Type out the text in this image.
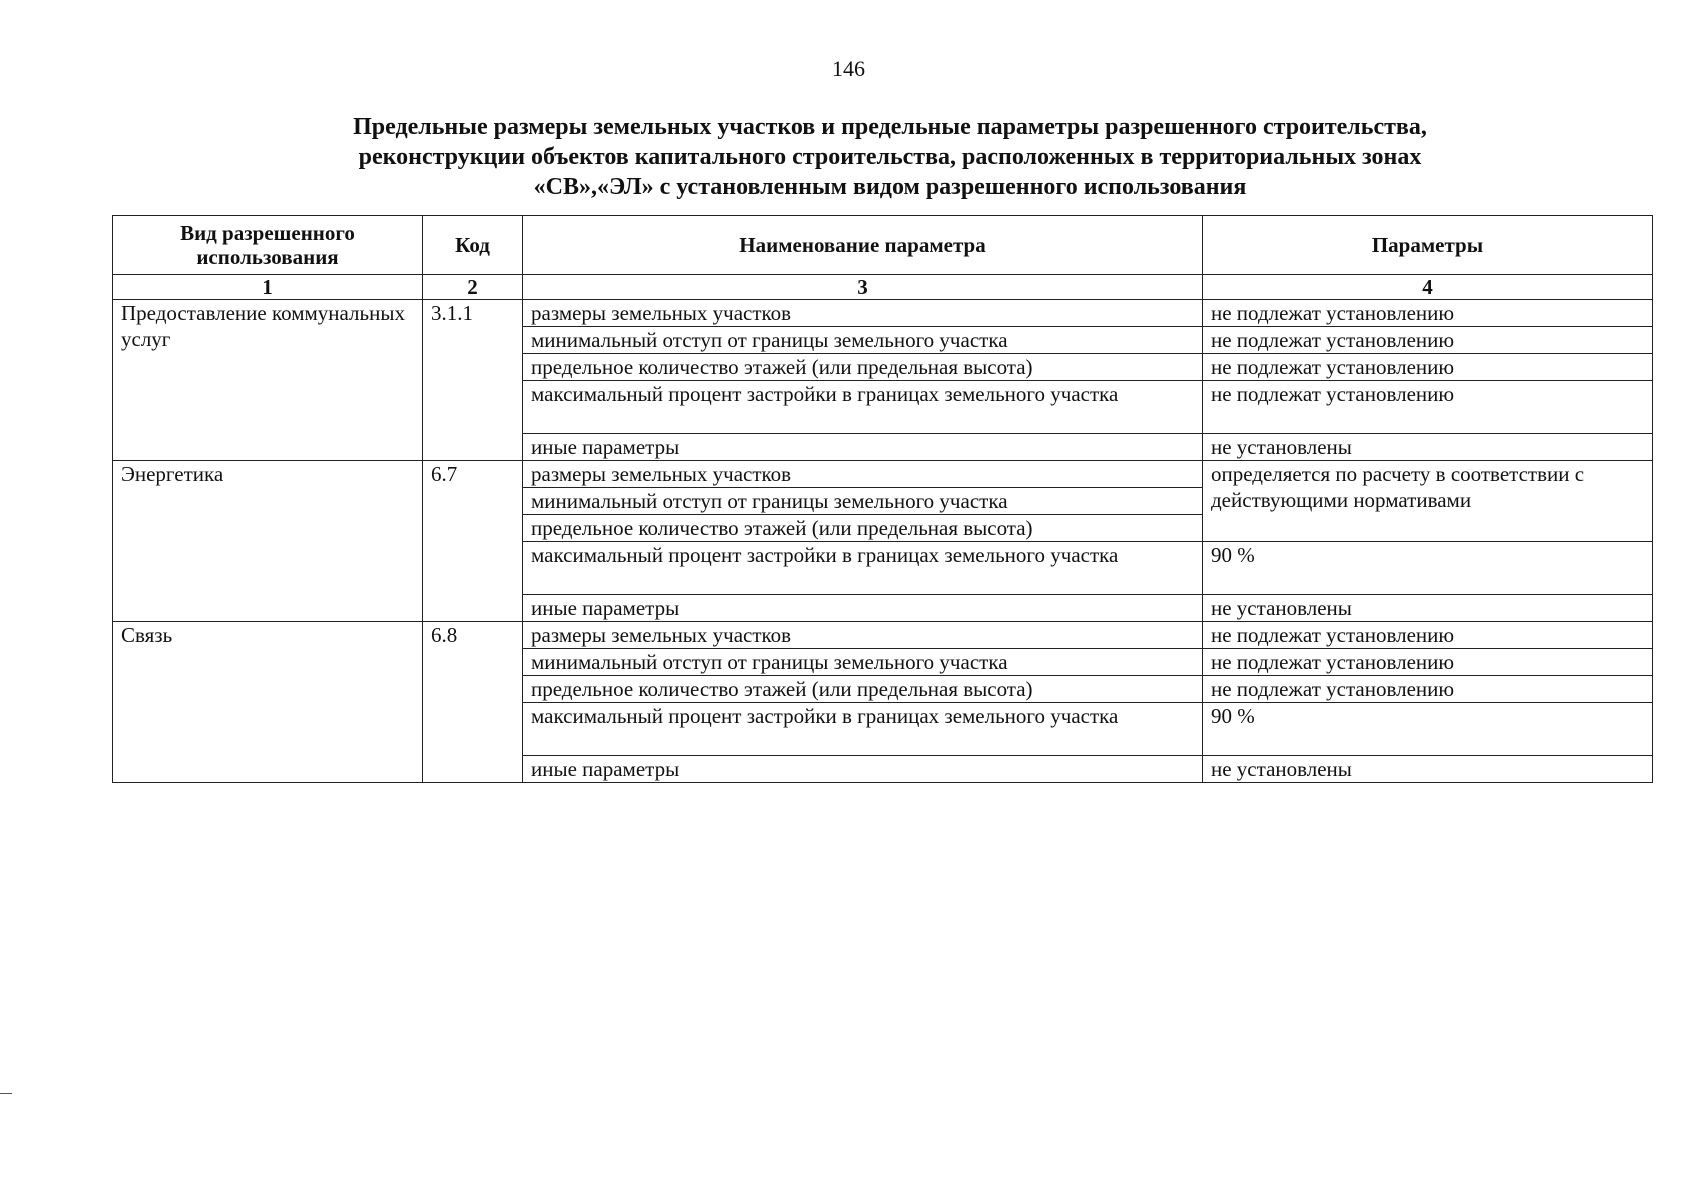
146
Предельные размеры земельных участков и предельные параметры разрешенного строительства,
реконструкции объектов капитального строительства, расположенных в территориальных зонах
«СВ»,«ЭЛ» с установленным видом разрешенного использования
Вид разрешенного использования	Код	Наименование параметра	Параметры
1	2	3	4
Предоставление коммунальных услуг	3.1.1	размеры земельных участков	не подлежат установлению
		минимальный отступ от границы земельного участка	не подлежат установлению
		предельное количество этажей (или предельная высота)	не подлежат установлению
		максимальный процент застройки в границах земельного участка	не подлежат установлению
		иные параметры	не установлены
Энергетика	6.7	размеры земельных участков	определяется по расчету в соответствии с действующими нормативами
		минимальный отступ от границы земельного участка	
		предельное количество этажей (или предельная высота)	
		максимальный процент застройки в границах земельного участка	90 %
		иные параметры	не установлены
Связь	6.8	размеры земельных участков	не подлежат установлению
		минимальный отступ от границы земельного участка	не подлежат установлению
		предельное количество этажей (или предельная высота)	не подлежат установлению
		максимальный процент застройки в границах земельного участка	90 %
		иные параметры	не установлены
